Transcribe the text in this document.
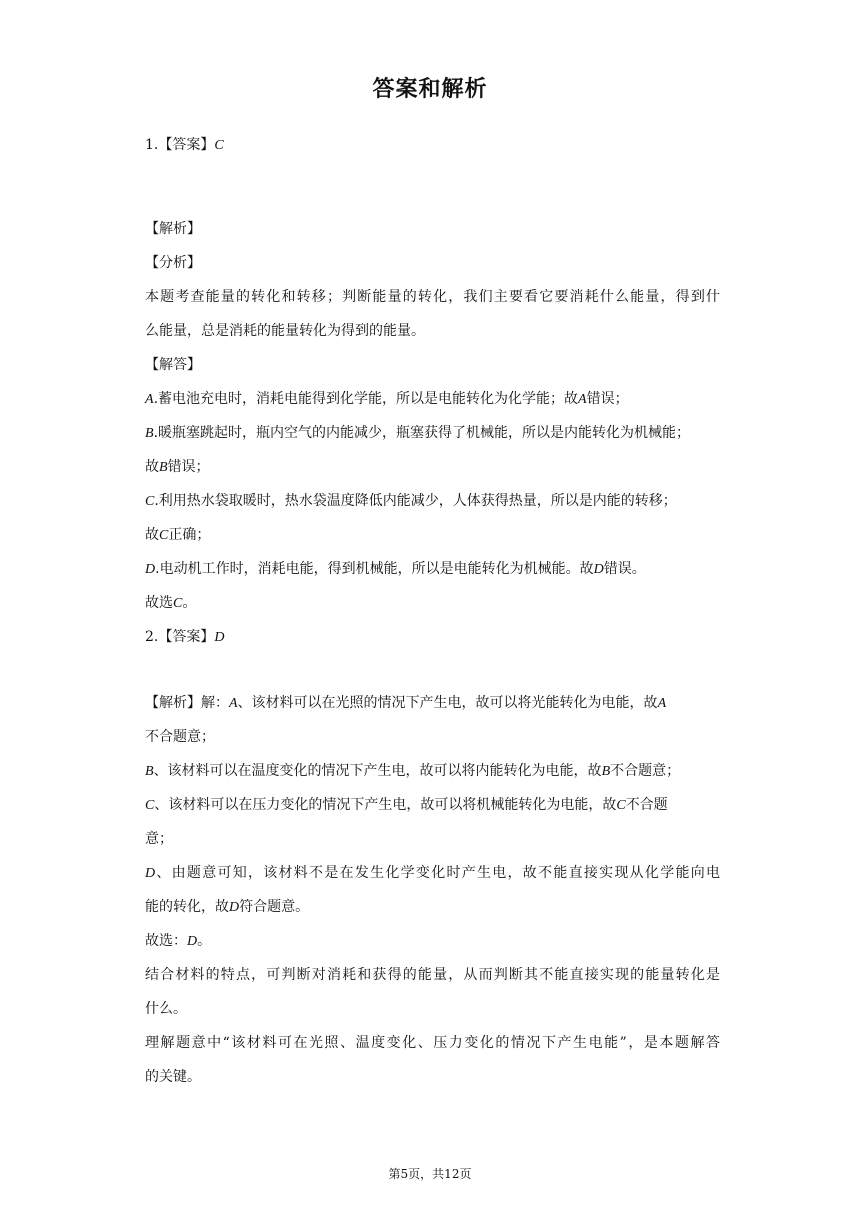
答案和解析
1.【答案】C
【解析】
【分析】
本题考查能量的转化和转移；判断能量的转化，我们主要看它要消耗什么能量，得到什
么能量，总是消耗的能量转化为得到的能量。
【解答】
A.蓄电池充电时，消耗电能得到化学能，所以是电能转化为化学能；故A错误；
B.暖瓶塞跳起时，瓶内空气的内能减少，瓶塞获得了机械能，所以是内能转化为机械能；
故B错误；
C.利用热水袋取暖时，热水袋温度降低内能减少，人体获得热量，所以是内能的转移；
故C正确；
D.电动机工作时，消耗电能，得到机械能，所以是电能转化为机械能。故D错误。
故选C。
2.【答案】D
【解析】解：A、该材料可以在光照的情况下产生电，故可以将光能转化为电能，故A
不合题意；
B、该材料可以在温度变化的情况下产生电，故可以将内能转化为电能，故B不合题意；
C、该材料可以在压力变化的情况下产生电，故可以将机械能转化为电能，故C不合题
意；
D、由题意可知，该材料不是在发生化学变化时产生电，故不能直接实现从化学能向电
能的转化，故D符合题意。
故选：D。
结合材料的特点，可判断对消耗和获得的能量，从而判断其不能直接实现的能量转化是
什么。
理解题意中“该材料可在光照、温度变化、压力变化的情况下产生电能”，是本题解答
的关键。
第5页，共12页
